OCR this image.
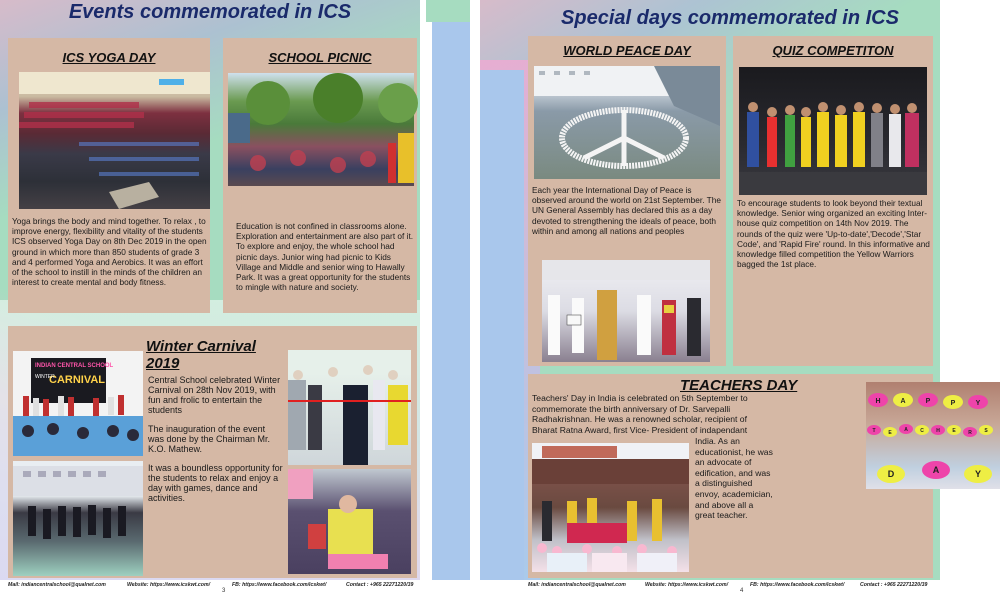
Events commemorated in ICS
ICS YOGA DAY
Yoga brings the body and mind together. To relax , to improve energy, flexibility and vitality of the students ICS observed Yoga Day on 8th Dec 2019 in the open ground in which more than 850 students of grade 3 and 4 performed Yoga and Aerobics. It was an effort of the school to instill in the minds of the children an interest to create mental and body fitness.
SCHOOL PICNIC
Education is not confined in classrooms alone. Exploration and entertainment are also part of it. To explore and enjoy, the whole school had picnic days. Junior wing had picnic to Kids Village and Middle and senior wing to Hawally Park. It was a great opportunity for the students to mingle with nature and society.
Winter Carnival 2019
INDIAN CENTRAL SCHOOL
CARNIVAL
WINTER	Central School celebrated Winter Carnival on 28th Nov 2019, with fun and frolic to entertain the students

The inauguration of the event was done by the Chairman Mr. K.O. Mathew.

It was a boundless opportunity for the students to relax and enjoy a day with games, dance and activities.

Mail: indiancentralschool@qualnet.com	Website: https://www.icskwt.com/	FB: https://www.facebook.com/icskwt/	Contact : +965 22271220/39
3
Special days commemorated in ICS
WORLD PEACE DAY
Each year the International Day of Peace is observed around the world on 21st September. The UN General Assembly has declared this as a day devoted to strengthening the ideals of peace, both within and among all nations and peoples
QUIZ COMPETITON
To encourage students to look beyond their textual knowledge. Senior wing organized an exciting Inter-house quiz competition on 14th Nov 2019. The rounds of the quiz were 'Up-to-date','Decode','Star Code', and 'Rapid Fire' round. In this informative and knowledge filled competition the Yellow Warriors bagged the 1st place.
TEACHERS DAY
Teachers' Day in India is celebrated on 5th September to commemorate the birth anniversary of Dr. Sarvepalli Radhakrishnan. He was a renowned scholar, recipient of Bharat Ratna Award, first Vice- President of indapendant
India. As an educationist, he was an advocate of edification, and was a distinguished envoy, academician, and above all a great teacher.
H	A	P	P	Y
T	E	A C H	E	R	S
D	A	Y
Mail: indiancentralschool@qualnet.com	Website: https://www.icskwt.com/	FB: https://www.facebook.com/icskwt/	Contact : +965 22271220/39
4
